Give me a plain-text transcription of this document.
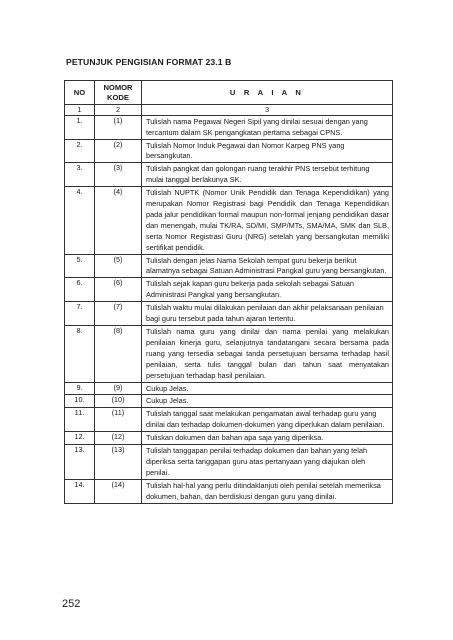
PETUNJUK PENGISIAN FORMAT 23.1 B
NO	NOMOR KODE	U R A I A N
1	2	3
1.	(1)	Tulislah nama Pegawai Negeri Sipil yang dinilai sesuai dengan yang tercantum dalam SK pengangkatan pertama sebagai CPNS.
2.	(2)	Tulislah Nomor Induk Pegawai dan Nomor Karpeg PNS yang bersangkutan.
3.	(3)	Tulislah pangkat dan golongan ruang terakhir PNS tersebut terhitung mulai tanggal berlakunya SK.
4.	(4)	Tulislah NUPTK (Nomor Unik Pendidik dan Tenaga Kependidikan) yang merupakan Nomor Registrasi bagi Pendidik dan Tenaga Kependidikan pada jalur pendidikan formal maupun non-formal jenjang pendidikan dasar dan menengah, mulai TK/RA, SD/MI, SMP/MTs, SMA/MA, SMK dan SLB, serta Nomor Registrasi Guru (NRG) setelah yang bersangkutan memiliki sertifikat pendidik.
5.	(5)	Tulislah dengan jelas Nama Sekolah tempat guru bekerja berikut alamatnya sebagai Satuan Administrasi Pangkal guru yang bersangkutan.
6.	(6)	Tulislah sejak kapan guru bekerja pada sekolah sebagai Satuan Administrasi Pangkal yang bersangkutan.
7.	(7)	Tulislah waktu mulai dilakukan penilaian dan akhir pelaksanaan penilaian bagi guru tersebut pada tahun ajaran tertentu.
8.	(8)	Tulislah nama guru yang dinilai dan nama penilai yang melakukan penilaian kinerja guru, selanjutnya tandatangani secara bersama pada ruang yang tersedia sebagai tanda persetujuan bersama terhadap hasil penilaian, serta tulis tanggal bulan dan tahun saat menyatakan persetujuan terhadap hasil penilaian.
9.	(9)	Cukup Jelas.
10.	(10)	Cukup Jelas.
11.	(11)	Tulislah tanggal saat melakukan pengamatan awal terhadap guru yang dinilai dan terhadap dokumen-dokumen yang diperlukan dalam penilaian.
12.	(12)	Tuliskan dokumen dan bahan apa saja yang diperiksa.
13.	(13)	Tulislah tanggapan penilai terhadap dokumen dan bahan yang telah diperiksa serta tanggapan guru atas pertanyaan yang diajukan oleh penilai.
14.	(14)	Tulislah hal-hal yang perlu ditindaklanjuti oleh penilai setelah memeriksa dokumen, bahan, dan berdiskusi dengan guru yang dinilai.
252
